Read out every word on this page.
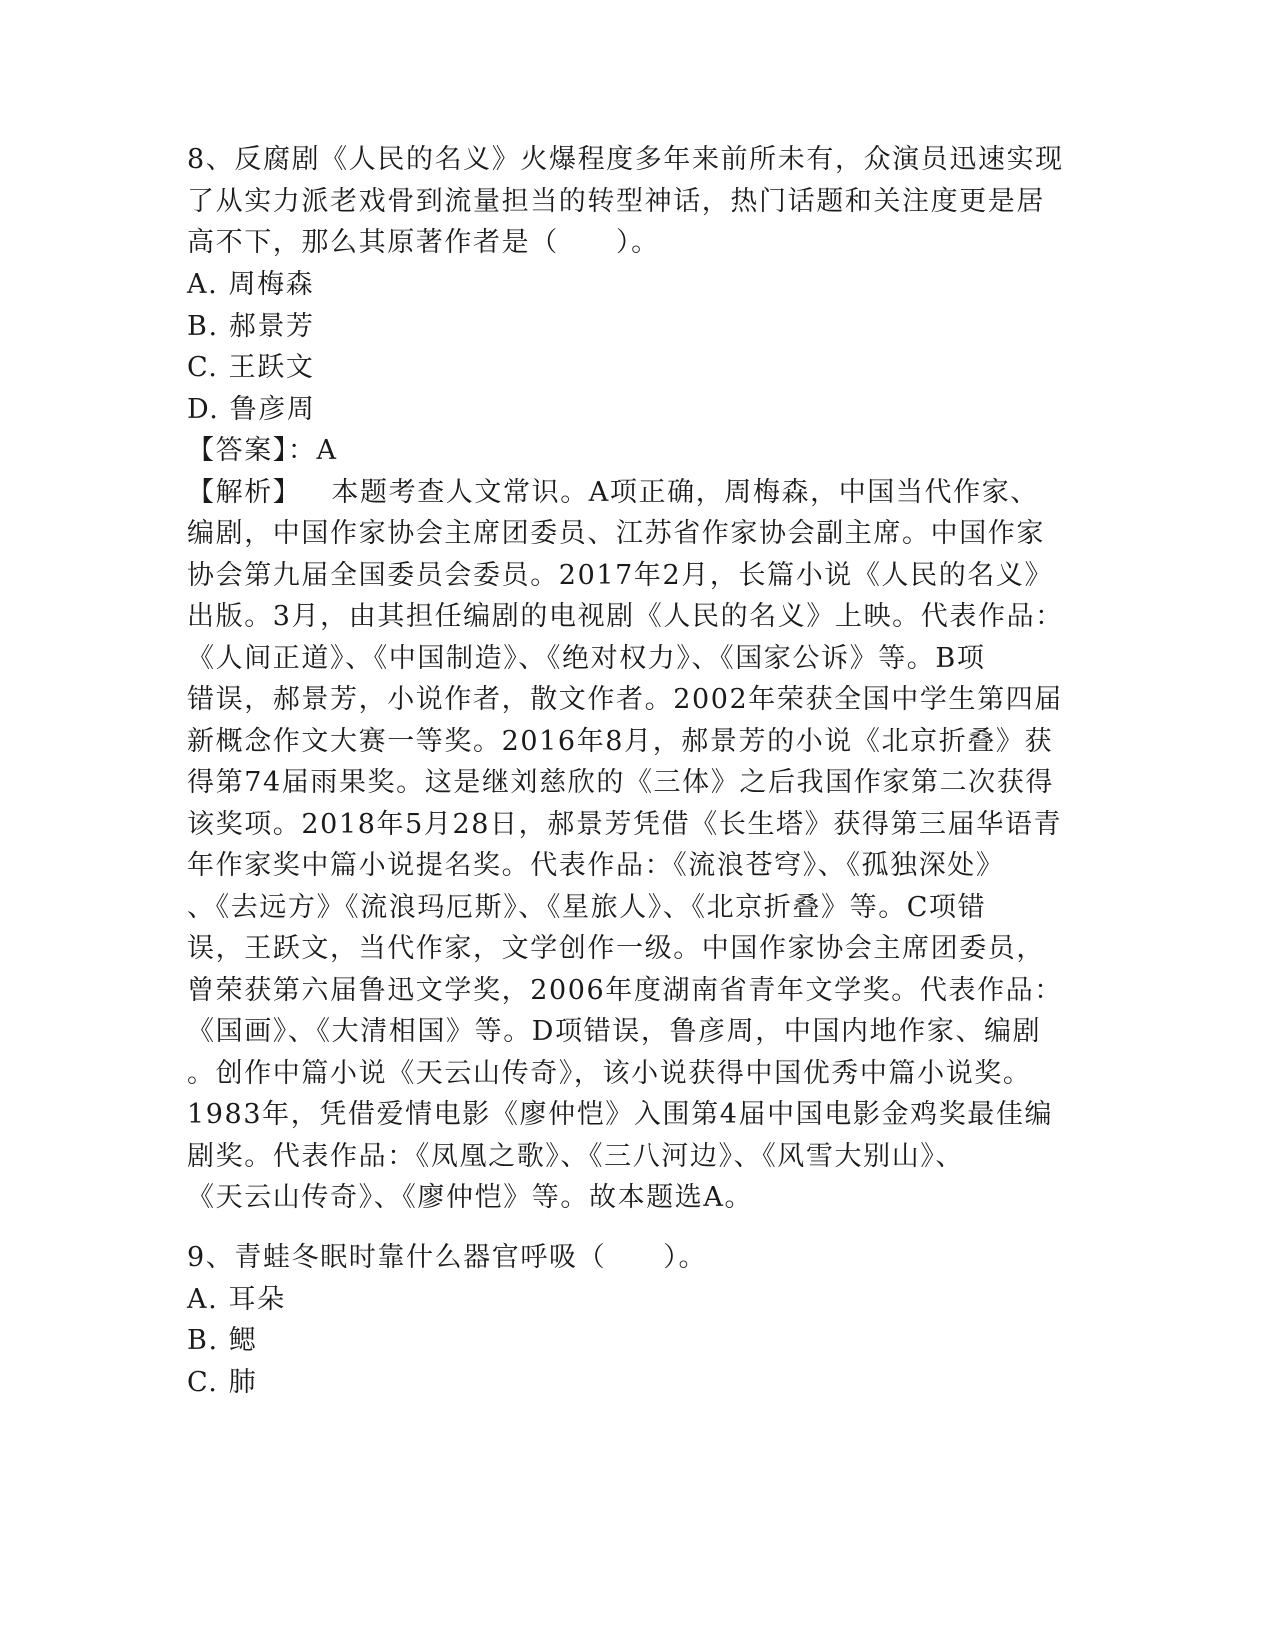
8、反腐剧《人民的名义》火爆程度多年来前所未有，众演员迅速实现
了从实力派老戏骨到流量担当的转型神话，热门话题和关注度更是居
高不下，那么其原著作者是（　　）。
A. 周梅森
B. 郝景芳
C. 王跃文
D. 鲁彦周
【答案】：A
【解析】 本题考查人文常识。A项正确，周梅森，中国当代作家、
编剧，中国作家协会主席团委员、江苏省作家协会副主席。中国作家
协会第九届全国委员会委员。2017年2月，长篇小说《人民的名义》
出版。3月，由其担任编剧的电视剧《人民的名义》上映。代表作品：
《人间正道》、《中国制造》、《绝对权力》、《国家公诉》等。B项
错误，郝景芳，小说作者，散文作者。2002年荣获全国中学生第四届
新概念作文大赛一等奖。2016年8月，郝景芳的小说《北京折叠》获
得第74届雨果奖。这是继刘慈欣的《三体》之后我国作家第二次获得
该奖项。2018年5月28日，郝景芳凭借《长生塔》获得第三届华语青
年作家奖中篇小说提名奖。代表作品：《流浪苍穹》、《孤独深处》
、《去远方》《流浪玛厄斯》、《星旅人》、《北京折叠》等。C项错
误，王跃文，当代作家，文学创作一级。中国作家协会主席团委员，
曾荣获第六届鲁迅文学奖，2006年度湖南省青年文学奖。代表作品：
《国画》、《大清相国》等。D项错误，鲁彦周，中国内地作家、编剧
。创作中篇小说《天云山传奇》，该小说获得中国优秀中篇小说奖。
1983年，凭借爱情电影《廖仲恺》入围第4届中国电影金鸡奖最佳编
剧奖。代表作品：《凤凰之歌》、《三八河边》、《风雪大别山》、
《天云山传奇》、《廖仲恺》等。故本题选A。
9、青蛙冬眠时靠什么器官呼吸（　　）。
A. 耳朵
B. 鳃
C. 肺
